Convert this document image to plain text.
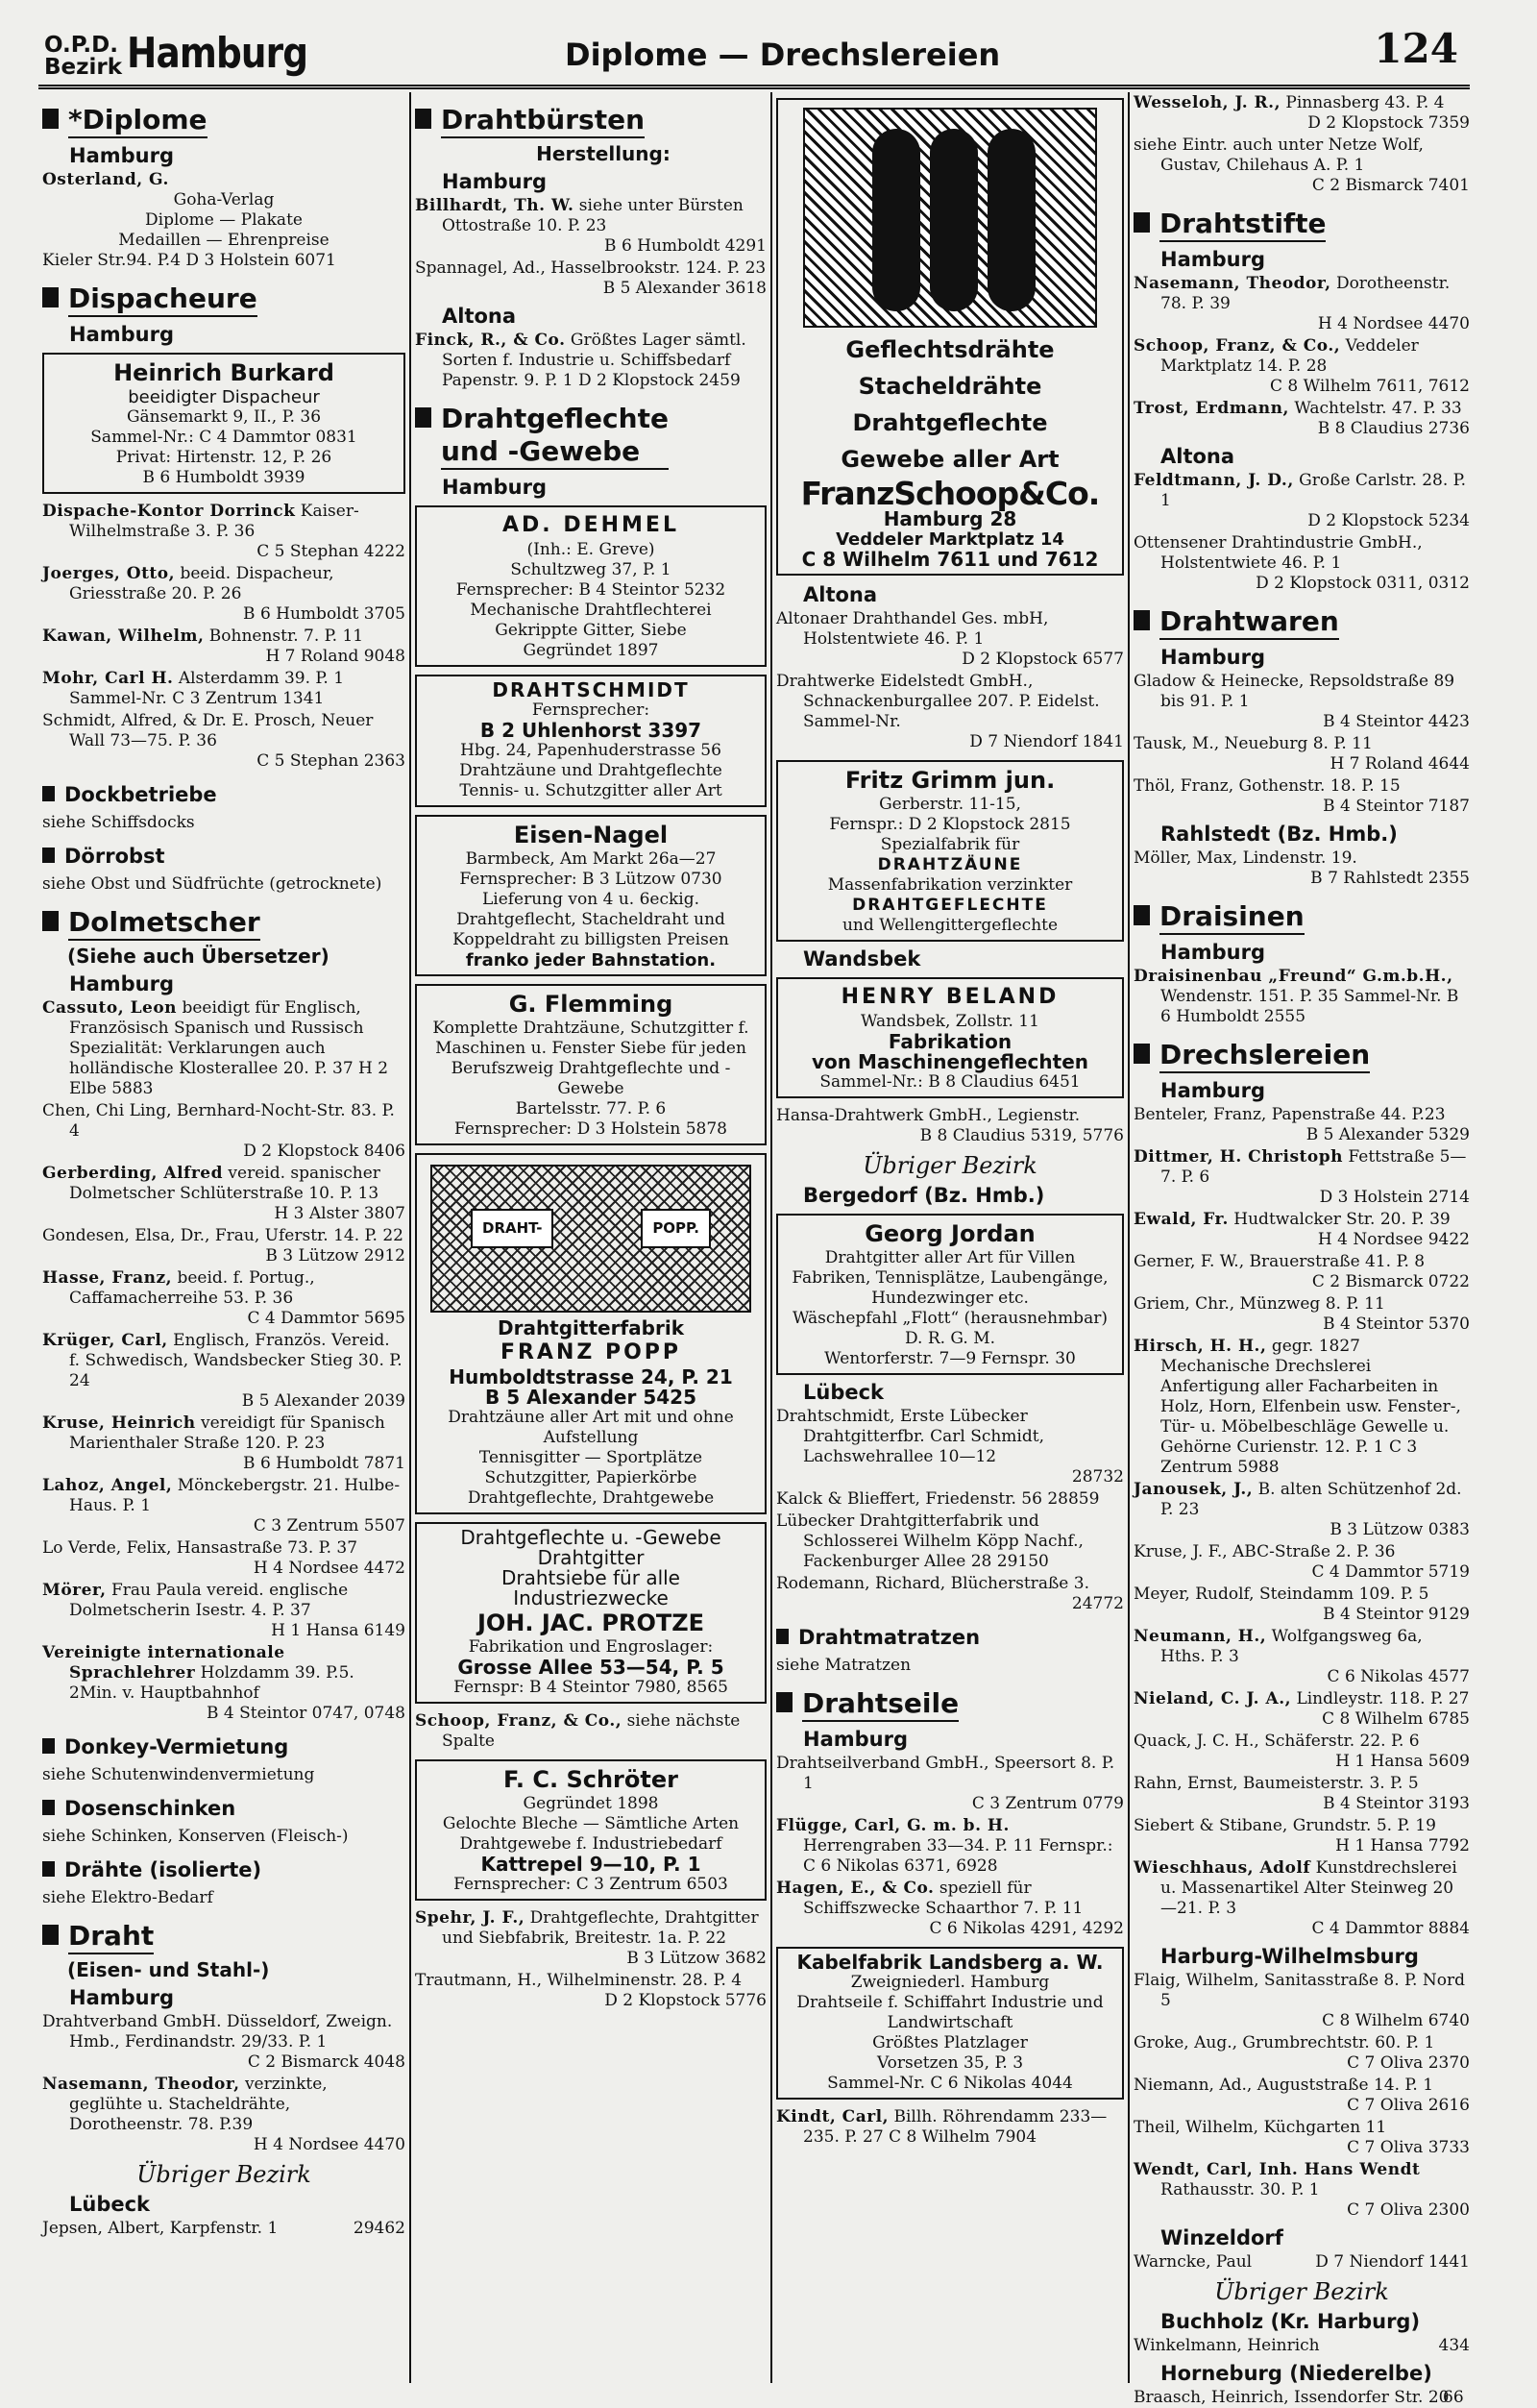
O.P.D.
Bezirk Hamburg	Diplome — Drechslereien	124
*Diplome
Hamburg
Osterland, G.
Goha-Verlag
Diplome — Plakate
Medaillen — Ehrenpreise
Kieler Str.94. P.4 D 3 Holstein 6071
Dispacheure
Hamburg
Heinrich Burkard
beeidigter Dispacheur
Gänsemarkt 9, II., P. 36
Sammel-Nr.: C 4 Dammtor 0831
Privat: Hirtenstr. 12, P. 26
B 6 Humboldt 3939
Dispache-Kontor Dorrinck Kaiser-Wilhelmstraße 3. P. 36
C 5 Stephan 4222
Joerges, Otto, beeid. Dispacheur, Griesstraße 20. P. 26
B 6 Humboldt 3705
Kawan, Wilhelm, Bohnenstr. 7. P. 11
H 7 Roland 9048
Mohr, Carl H. Alsterdamm 39. P. 1 Sammel-Nr. C 3 Zentrum 1341
Schmidt, Alfred, & Dr. E. Prosch, Neuer Wall 73—75. P. 36
C 5 Stephan 2363
Dockbetriebe
siehe Schiffsdocks
Dörrobst
siehe Obst und Südfrüchte (getrocknete)
Dolmetscher
(Siehe auch Übersetzer)
Hamburg
Cassuto, Leon beeidigt für Englisch, Französisch Spanisch und Russisch Spezialität: Verklarungen auch holländische Klosterallee 20. P. 37 H 2 Elbe 5883
Chen, Chi Ling, Bernhard-Nocht-Str. 83. P. 4
D 2 Klopstock 8406
Gerberding, Alfred vereid. spanischer Dolmetscher Schlüterstraße 10. P. 13
H 3 Alster 3807
Gondesen, Elsa, Dr., Frau, Uferstr. 14. P. 22
B 3 Lützow 2912
Hasse, Franz, beeid. f. Portug., Caffamacherreihe 53. P. 36
C 4 Dammtor 5695
Krüger, Carl, Englisch, Französ. Vereid. f. Schwedisch, Wandsbecker Stieg 30. P. 24
B 5 Alexander 2039
Kruse, Heinrich vereidigt für Spanisch Marienthaler Straße 120. P. 23
B 6 Humboldt 7871
Lahoz, Angel, Mönckebergstr. 21. Hulbe-Haus. P. 1
C 3 Zentrum 5507
Lo Verde, Felix, Hansastraße 73. P. 37
H 4 Nordsee 4472
Mörer, Frau Paula vereid. englische Dolmetscherin Isestr. 4. P. 37
H 1 Hansa 6149
Vereinigte internationale Sprachlehrer Holzdamm 39. P.5. 2Min. v. Hauptbahnhof
B 4 Steintor 0747, 0748
Donkey-Vermietung
siehe Schutenwindenvermietung
Dosenschinken
siehe Schinken, Konserven (Fleisch-)
Drähte (isolierte)
siehe Elektro-Bedarf
Draht
(Eisen- und Stahl-)
Hamburg
Drahtverband GmbH. Düsseldorf, Zweign. Hmb., Ferdinandstr. 29/33. P. 1
C 2 Bismarck 4048
Nasemann, Theodor, verzinkte, geglühte u. Stacheldrähte, Dorotheenstr. 78. P.39
H 4 Nordsee 4470
Übriger Bezirk
Lübeck
Jepsen, Albert, Karpfenstr. 1	29462
Drahtbürsten
Herstellung:
Hamburg
Billhardt, Th. W. siehe unter Bürsten Ottostraße 10. P. 23
B 6 Humboldt 4291
Spannagel, Ad., Hasselbrookstr. 124. P. 23
B 5 Alexander 3618
Altona
Finck, R., & Co. Größtes Lager sämtl. Sorten f. Industrie u. Schiffsbedarf Papenstr. 9. P. 1 D 2 Klopstock 2459
Drahtgeflechte
und -Gewebe
Hamburg
AD. DEHMEL
(Inh.: E. Greve)
Schultzweg 37, P. 1
Fernsprecher: B 4 Steintor 5232
Mechanische Drahtflechterei
Gekrippte Gitter, Siebe
Gegründet 1897
DRAHTSCHMIDT
Fernsprecher:
B 2 Uhlenhorst 3397
Hbg. 24, Papenhuderstrasse 56
Drahtzäune und Drahtgeflechte
Tennis- u. Schutzgitter aller Art
Eisen-Nagel
Barmbeck, Am Markt 26a—27
Fernsprecher: B 3 Lützow 0730
Lieferung von 4 u. 6eckig. Drahtgeflecht, Stacheldraht und Koppeldraht zu billigsten Preisen
franko jeder Bahnstation.
G. Flemming
Komplette Drahtzäune, Schutzgitter f. Maschinen u. Fenster Siebe für jeden Berufszweig Drahtgeflechte und -Gewebe
Bartelsstr. 77. P. 6
Fernsprecher: D 3 Holstein 5878
DRAHT-	POPP.
Drahtgitterfabrik
FRANZ POPP
Humboldtstrasse 24, P. 21
B 5 Alexander 5425
Drahtzäune aller Art mit und ohne Aufstellung
Tennisgitter — Sportplätze
Schutzgitter, Papierkörbe
Drahtgeflechte, Drahtgewebe
Drahtgeflechte u. -Gewebe
Drahtgitter
Drahtsiebe für alle Industriezwecke
JOH. JAC. PROTZE
Fabrikation und Engroslager:
Grosse Allee 53—54, P. 5
Fernspr: B 4 Steintor 7980, 8565
Schoop, Franz, & Co., siehe nächste Spalte
F. C. Schröter
Gegründet 1898
Gelochte Bleche — Sämtliche Arten Drahtgewebe f. Industriebedarf
Kattrepel 9—10, P. 1
Fernsprecher: C 3 Zentrum 6503
Spehr, J. F., Drahtgeflechte, Drahtgitter und Siebfabrik, Breitestr. 1a. P. 22
B 3 Lützow 3682
Trautmann, H., Wilhelminenstr. 28. P. 4
D 2 Klopstock 5776
Geflechtsdrähte
Stacheldrähte
Drahtgeflechte
Gewebe aller Art
FranzSchoop&Co.
Hamburg 28
Veddeler Marktplatz 14
C 8 Wilhelm 7611 und 7612
Altona
Altonaer Drahthandel Ges. mbH, Holstentwiete 46. P. 1
D 2 Klopstock 6577
Drahtwerke Eidelstedt GmbH., Schnackenburgallee 207. P. Eidelst. Sammel-Nr.
D 7 Niendorf 1841
Fritz Grimm jun.
Gerberstr. 11-15,
Fernspr.: D 2 Klopstock 2815
Spezialfabrik für
DRAHTZÄUNE
Massenfabrikation verzinkter
DRAHTGEFLECHTE
und Wellengittergeflechte
Wandsbek
HENRY BELAND
Wandsbek, Zollstr. 11
Fabrikation
von Maschinengeflechten
Sammel-Nr.: B 8 Claudius 6451
Hansa-Drahtwerk GmbH., Legienstr.
B 8 Claudius 5319, 5776
Übriger Bezirk
Bergedorf (Bz. Hmb.)
Georg Jordan
Drahtgitter aller Art für Villen Fabriken, Tennisplätze, Laubengänge, Hundezwinger etc.
Wäschepfahl „Flott“ (herausnehmbar) D. R. G. M.
Wentorferstr. 7—9 Fernspr. 30
Lübeck
Drahtschmidt, Erste Lübecker Drahtgitterfbr. Carl Schmidt, Lachswehrallee 10—12
28732
Kalck & Blieffert, Friedenstr. 56 28859
Lübecker Drahtgitterfabrik und Schlosserei Wilhelm Köpp Nachf., Fackenburger Allee 28 29150
Rodemann, Richard, Blücherstraße 3.
24772
Drahtmatratzen
siehe Matratzen
Drahtseile
Hamburg
Drahtseilverband GmbH., Speersort 8. P. 1
C 3 Zentrum 0779
Flügge, Carl, G. m. b. H. Herrengraben 33—34. P. 11 Fernspr.: C 6 Nikolas 6371, 6928
Hagen, E., & Co. speziell für Schiffszwecke Schaarthor 7. P. 11
C 6 Nikolas 4291, 4292
Kabelfabrik Landsberg a. W.
Zweigniederl. Hamburg
Drahtseile f. Schiffahrt Industrie und Landwirtschaft
Größtes Platzlager
Vorsetzen 35, P. 3
Sammel-Nr. C 6 Nikolas 4044
Kindt, Carl, Billh. Röhrendamm 233—235. P. 27 C 8 Wilhelm 7904
Wesseloh, J. R., Pinnasberg 43. P. 4
D 2 Klopstock 7359
siehe Eintr. auch unter Netze Wolf, Gustav, Chilehaus A. P. 1
C 2 Bismarck 7401
Drahtstifte
Hamburg
Nasemann, Theodor, Dorotheenstr. 78. P. 39
H 4 Nordsee 4470
Schoop, Franz, & Co., Veddeler Marktplatz 14. P. 28
C 8 Wilhelm 7611, 7612
Trost, Erdmann, Wachtelstr. 47. P. 33
B 8 Claudius 2736
Altona
Feldtmann, J. D., Große Carlstr. 28. P. 1
D 2 Klopstock 5234
Ottensener Drahtindustrie GmbH., Holstentwiete 46. P. 1
D 2 Klopstock 0311, 0312
Drahtwaren
Hamburg
Gladow & Heinecke, Repsoldstraße 89 bis 91. P. 1
B 4 Steintor 4423
Tausk, M., Neueburg 8. P. 11
H 7 Roland 4644
Thöl, Franz, Gothenstr. 18. P. 15
B 4 Steintor 7187
Rahlstedt (Bz. Hmb.)
Möller, Max, Lindenstr. 19.
B 7 Rahlstedt 2355
Draisinen
Hamburg
Draisinenbau „Freund“ G.m.b.H., Wendenstr. 151. P. 35 Sammel-Nr. B 6 Humboldt 2555
Drechslereien
Hamburg
Benteler, Franz, Papenstraße 44. P.23
B 5 Alexander 5329
Dittmer, H. Christoph Fettstraße 5—7. P. 6
D 3 Holstein 2714
Ewald, Fr. Hudtwalcker Str. 20. P. 39
H 4 Nordsee 9422
Gerner, F. W., Brauerstraße 41. P. 8
C 2 Bismarck 0722
Griem, Chr., Münzweg 8. P. 11
B 4 Steintor 5370
Hirsch, H. H., gegr. 1827 Mechanische Drechslerei Anfertigung aller Facharbeiten in Holz, Horn, Elfenbein usw. Fenster-, Tür- u. Möbelbeschläge Gewelle u. Gehörne Curienstr. 12. P. 1 C 3 Zentrum 5988
Janousek, J., B. alten Schützenhof 2d. P. 23
B 3 Lützow 0383
Kruse, J. F., ABC-Straße 2. P. 36
C 4 Dammtor 5719
Meyer, Rudolf, Steindamm 109. P. 5
B 4 Steintor 9129
Neumann, H., Wolfgangsweg 6a, Hths. P. 3
C 6 Nikolas 4577
Nieland, C. J. A., Lindleystr. 118. P. 27
C 8 Wilhelm 6785
Quack, J. C. H., Schäferstr. 22. P. 6
H 1 Hansa 5609
Rahn, Ernst, Baumeisterstr. 3. P. 5
B 4 Steintor 3193
Siebert & Stibane, Grundstr. 5. P. 19
H 1 Hansa 7792
Wieschhaus, Adolf Kunstdrechslerei u. Massenartikel Alter Steinweg 20—21. P. 3
C 4 Dammtor 8884
Harburg-Wilhelmsburg
Flaig, Wilhelm, Sanitasstraße 8. P. Nord 5
C 8 Wilhelm 6740
Groke, Aug., Grumbrechtstr. 60. P. 1
C 7 Oliva 2370
Niemann, Ad., Auguststraße 14. P. 1
C 7 Oliva 2616
Theil, Wilhelm, Küchgarten 11
C 7 Oliva 3733
Wendt, Carl, Inh. Hans Wendt Rathausstr. 30. P. 1
C 7 Oliva 2300
Winzeldorf
Warncke, Paul	D 7 Niendorf 1441
Übriger Bezirk
Buchholz (Kr. Harburg)
Winkelmann, Heinrich	434
Horneburg (Niederelbe)
Braasch, Heinrich, Issendorfer Str. 20
66
